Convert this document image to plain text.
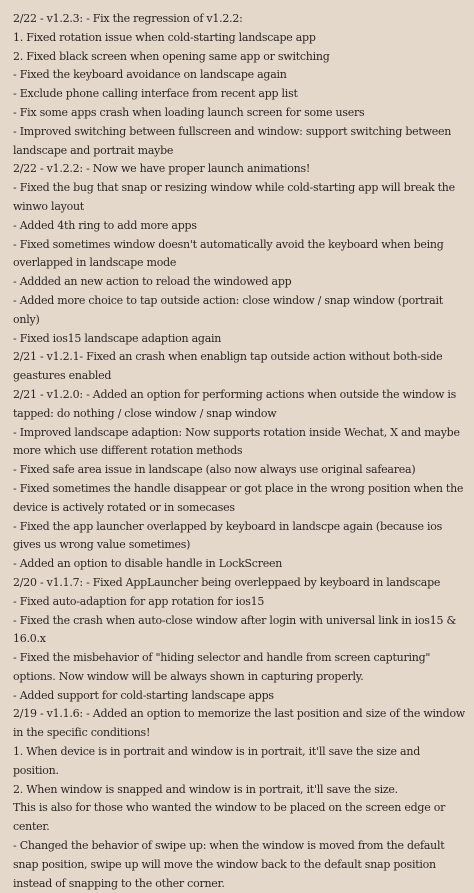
2/22 - v1.2.3: - Fix the regression of v1.2.2:
1. Fixed rotation issue when cold-starting landscape app
2. Fixed black screen when opening same app or switching
- Fixed the keyboard avoidance on landscape again
- Exclude phone calling interface from recent app list
- Fix some apps crash when loading launch screen for some users
- Improved switching between fullscreen and window: support switching between landscape and portrait maybe
2/22 - v1.2.2: - Now we have proper launch animations!
- Fixed the bug that snap or resizing window while cold-starting app will break the winwo layout
- Added 4th ring to add more apps
- Fixed sometimes window doesn't automatically avoid the keyboard when being overlapped in landscape mode
- Addded an new action to reload the windowed app
- Added more choice to tap outside action: close window / snap window (portrait only)
- Fixed ios15 landscape adaption again
2/21 - v1.2.1- Fixed an crash when enablign tap outside action without both-side geastures enabled
2/21 - v1.2.0: - Added an option for performing actions when outside the window is tapped: do nothing / close window / snap window
- Improved landscape adaption: Now supports rotation inside Wechat, X and maybe more which use different rotation methods
- Fixed safe area issue in landscape (also now always use original safearea)
- Fixed sometimes the handle disappear or got place in the wrong position when the device is actively rotated or in somecases
- Fixed the app launcher overlapped by keyboard in landscpe again (because ios gives us wrong value sometimes)
- Added an option to disable handle in LockScreen
2/20 - v1.1.7: - Fixed AppLauncher being overleppaed by keyboard in landscape
- Fixed auto-adaption for app rotation for ios15
- Fixed the crash when auto-close window after login with universal link in ios15 & 16.0.x
- Fixed the misbehavior of "hiding selector and handle from screen capturing" options. Now window will be always shown in capturing properly.
- Added support for cold-starting landscape apps
2/19 - v1.1.6: - Added an option to memorize the last position and size of the window in the specific conditions!
1. When device is in portrait and window is in portrait, it'll save the size and position.
2. When window is snapped and window is in portrait, it'll save the size.
This is also for those who wanted the window to be placed on the screen edge or center.
- Changed the behavior of swipe up: when the window is moved from the default snap position, swipe up will move the window back to the default snap position instead of snapping to the other corner.
